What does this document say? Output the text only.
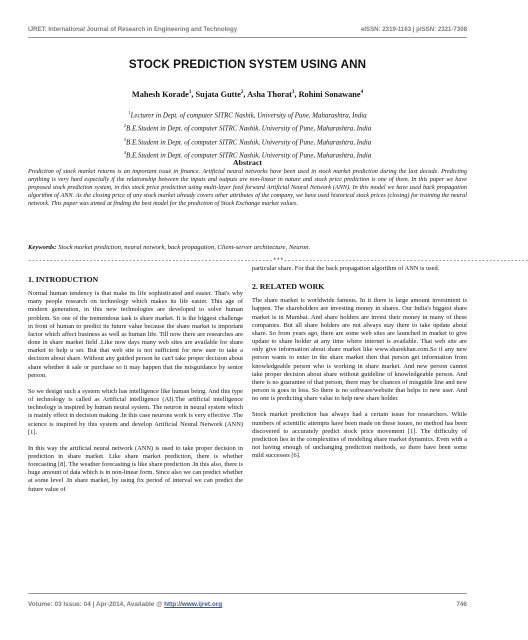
IJRET: International Journal of Research in Engineering and Technology	eISSN: 2319-1163 | pISSN: 2321-7308
STOCK PREDICTION SYSTEM USING ANN
Mahesh Korade$^1$, Sujata Gutte$^2$, Asha Thorat$^3$, Rohini Sonawane$^4$
$^1$Lecturer in Dept. of computer SITRC Nashik, University of Pune, Maharashtra, India
$^2$B.E.Student in Dept. of computer SITRC Nashik, University of Pune, Maharashtra, India
$^3$B.E.Student in Dept. of computer SITRC Nashik, University of Pune, Maharashtra, India
$^4$B.E.Student in Dept. of computer SITRC Nashik, University of Pune, Maharashtra, India
Abstract
Prediction of stock market returns is an important issue in finance. Artificial neural networks have been used in stock market prediction during the last decade. Predicting anything is very hard especially if the relationship between the inputs and outputs are non-linear in nature and stock price prediction is one of them. In this paper we have proposed stock prediction system, in this stock price prediction using multi-layer feed forward Artificial Neural Network (ANN). In this model we have used back propagation algorithm of ANN. As the closing price of any stock market already covers other attributes of the company, we have used historical stock prices (closing) for training the neural network. This paper was aimed at finding the best model for the prediction of Stock Exchange market values.
Keywords: Stock market prediction, neural network, back propagation, Client-server architecture, Neuron.
--------------------------------------------------------------------***--------------------------------------------------------------------
1. INTRODUCTION

Normal human tendency is that make its life sophisticated and easier. That's why many people research on technology which makes its life easier. This age of modern generation, in this new technologies are developed to solve human problem. So one of the tremendous task is share market. It is the biggest challenge in front of human to predict its future value because the share market is important factor which affect business as well as human life. Till now there are researches are done in share market field .Like now days many web sites are available for share market to help u ser. But that web site is not sufficient for new user to take a decision about share. Without any guided person he can't take proper decision about share whether it sale or purchase so it may happen that the misguidance by senior person.

So we design such a system which has intelligence like human being. And this type of technology is called as Artificial intelligence (AI).The artificial intelligence technology is inspired by human neural system. The neuron in neural system which is mainly effect in decision making .In this case neurons work is very effective .The science is inspired by this system and develop Artificial Neural Network (ANN) [1].

In this way the artificial neural network (ANN) is used to take proper decision in prediction in share market. Like share market prediction, there is whether forecasting [8]. The weather forecasting is like share prediction .In this also, there is huge amount of data which is in non-linear form. Since also we can predict whether at some level .In share market, by using fix period of interval we can predict the future value of

particular share. For that the back propagation algorithm of ANN is used.

2. RELATED WORK

The share market is worldwide famous. In it there is large amount investment is happen. The shareholders are investing money in shares. Our India's biggest share market is in Mumbai. And share holders are invest their money in many of these companies. But all share holders are not always stay there to take update about share. So from years ago, there are some web sites are launched in market to give update to share holder at any time where internet is available. That web site are only give information about share market like www.sharekhan.com.So if any new person wants to enter in the share market then that person get information from knowledgeable person who is working in share market. And new person cannot take proper decision about share without guideline of knowledgeable person. And there is no guarantee of that person, there may be chances of misguide line and new person is goes in loss. So there is no software/website that helps to new user. And no one is predicting share value to help new share holder.

Stock market prediction has always had a certain issue for researchers. While numbers of scientific attempts have been made on these issues, no method has been discovered to accurately predict stock price movement [1]. The difficulty of prediction lies in the complexities of modeling share market dynamics. Even with a not having enough of unchanging prediction methods, so there have been some mild successes [6].

Volume: 03 Issue: 04 | Apr-2014, Available @ http://www.ijret.org	746
